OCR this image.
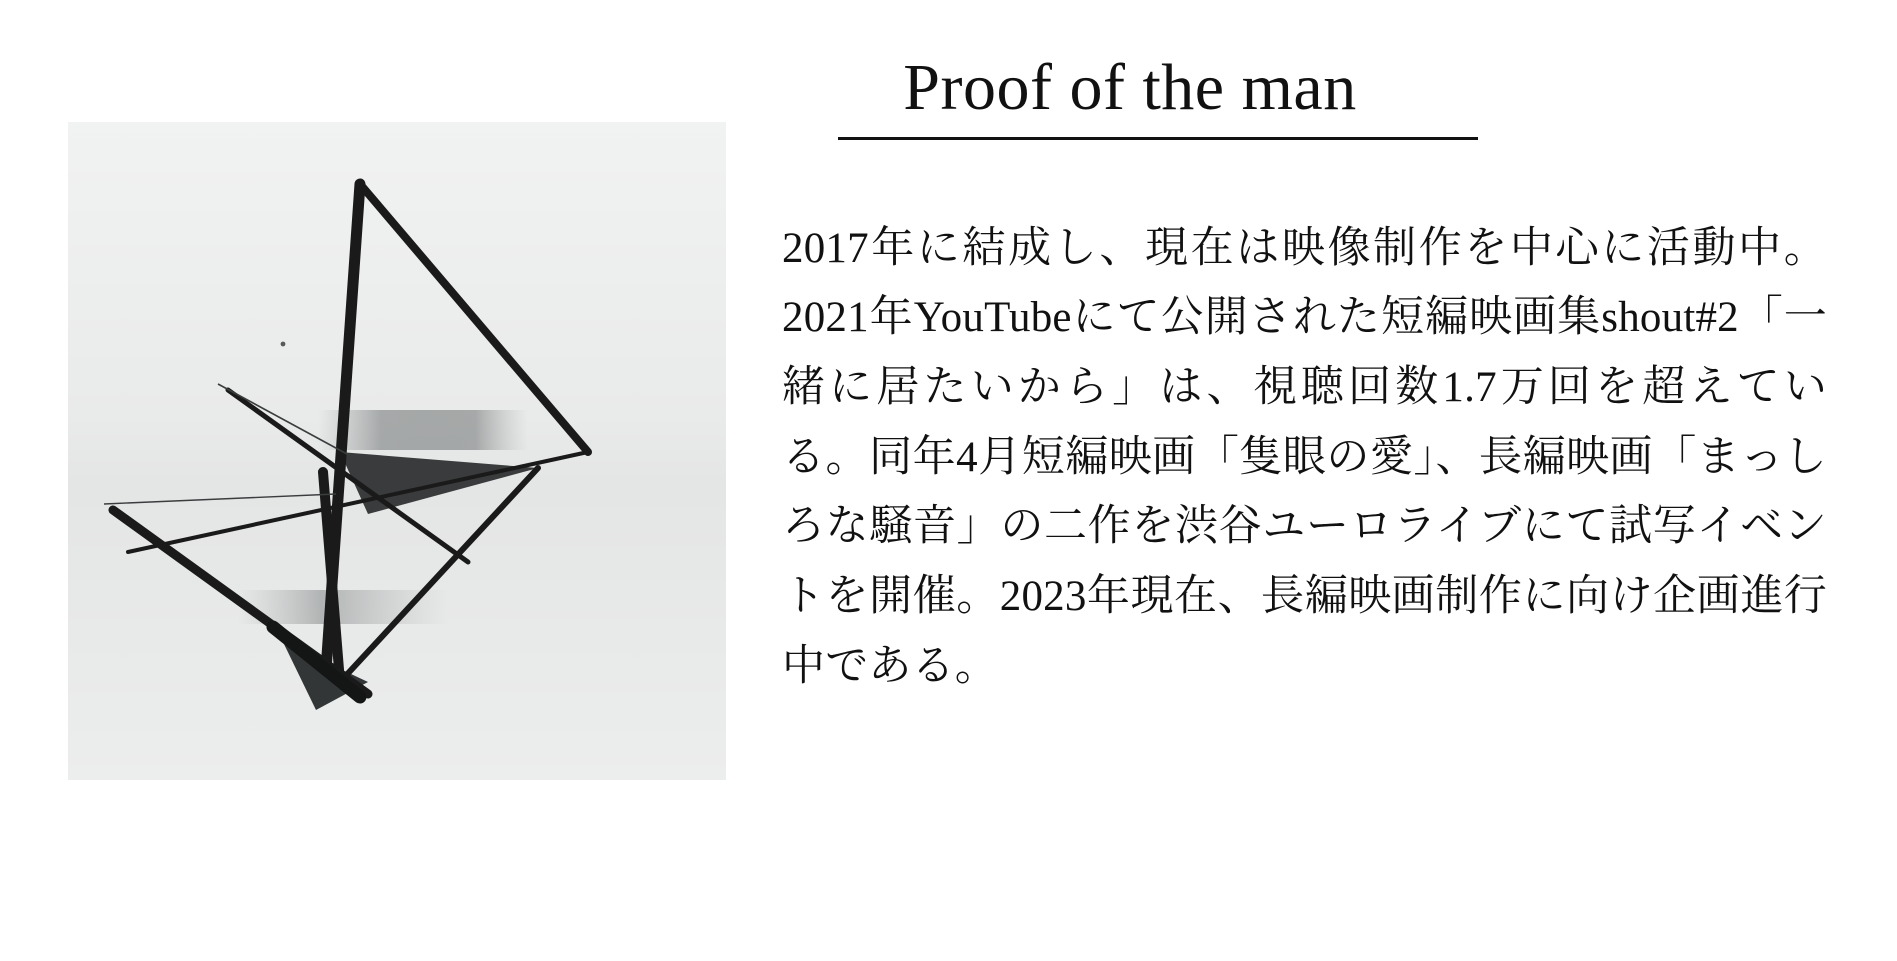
Proof of the man

2017年に結成し、現在は映像制作を中心に活動中。2021年YouTubeにて公開された短編映画集shout#2「一緒に居たいから」は、視聴回数1.7万回を超えている。同年4月短編映画「隻眼の愛」、長編映画「まっしろな騒音」の二作を渋谷ユーロライブにて試写イベントを開催。2023年現在、長編映画制作に向け企画進行中である。
